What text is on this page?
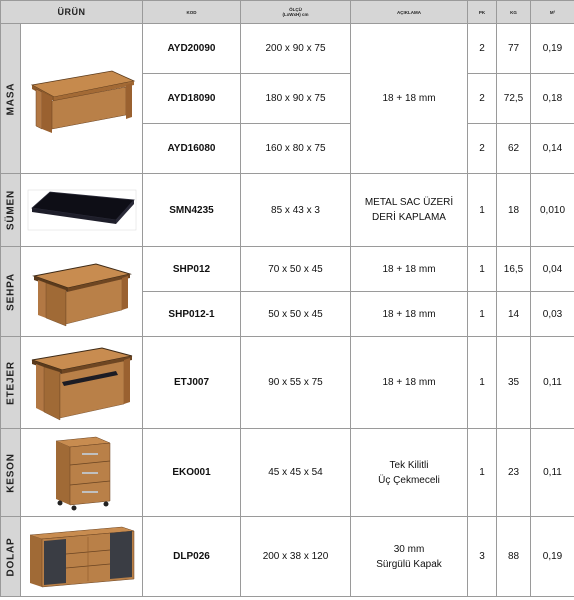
ÜRÜN		KOD	ÖLÇÜ
(LxWxH) cm	AÇIKLAMA	PK	KG	M³

MASA		AYD20090	200 x 90 x 75	18 + 18 mm	2	77	0,19
		AYD18090	180 x 90 x 75		2	72,5	0,18
		AYD16080	160 x 80 x 75		2	62	0,14

SÜMEN		SMN4235	85 x 43 x 3	METAL SAC ÜZERİ
DERİ KAPLAMA	1	18	0,010

SEHPA		SHP012	70 x 50 x 45	18 + 18 mm	1	16,5	0,04
		SHP012-1	50 x 50 x 45	18 + 18 mm	1	14	0,03

ETEJER		ETJ007	90 x 55 x 75	18 + 18 mm	1	35	0,11

KESON		EKO001	45 x 45 x 54	Tek Kilitli
Üç Çekmeceli	1	23	0,11

DOLAP		DLP026	200 x 38 x 120	30 mm
Sürgülü Kapak	3	88	0,19
